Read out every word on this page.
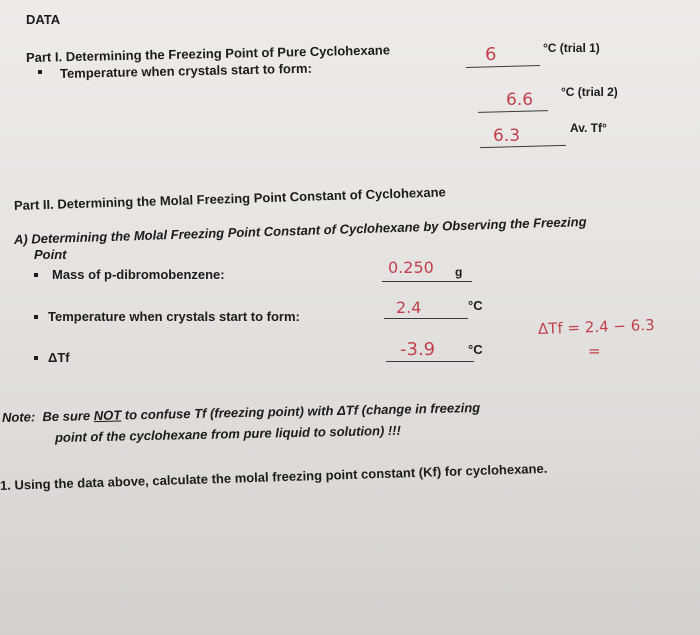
DATA
Part I. Determining the Freezing Point of Pure Cyclohexane
Temperature when crystals start to form:
6	°C (trial 1)
6.6 °C (trial 2)
6.3	Av. Tf°
Part II. Determining the Molal Freezing Point Constant of Cyclohexane
A) Determining the Molal Freezing Point Constant of Cyclohexane by Observing the Freezing
Point
Mass of p-dibromobenzene:	0.250 g
Temperature when crystals start to form:	2.4	°C
ΔTf	-3.9	°C
ΔTf = 2.4 − 6.3
=
Note: Be sure NOT to confuse Tf (freezing point) with ΔTf (change in freezing
point of the cyclohexane from pure liquid to solution) !!!
1. Using the data above, calculate the molal freezing point constant (Kf) for cyclohexane.
